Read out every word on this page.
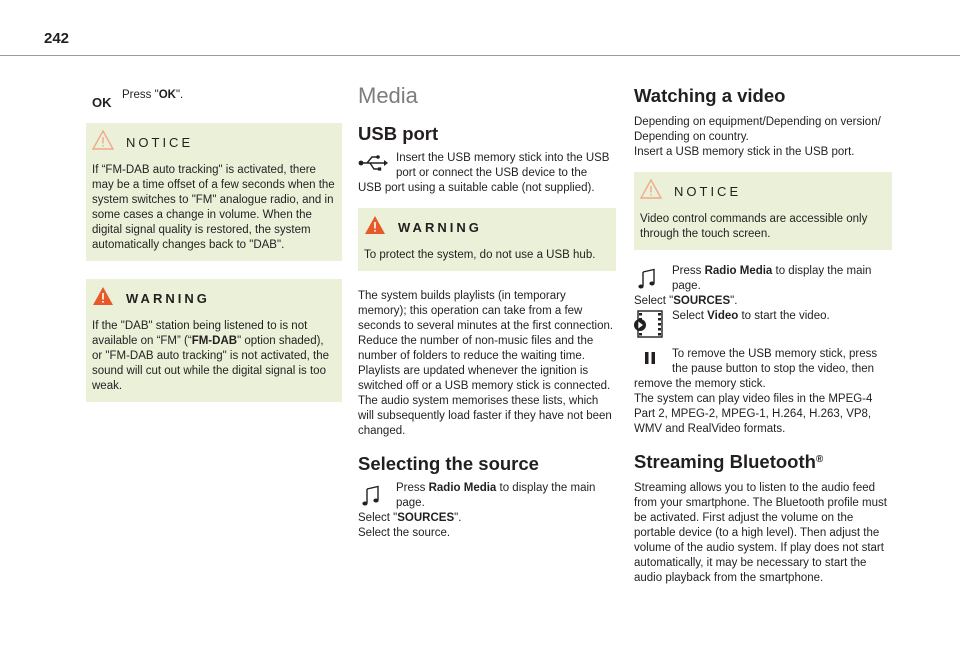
242
OK Press "OK".

NOTICE
If “FM-DAB auto tracking" is activated, there may be a time offset of a few seconds when the system switches to "FM" analogue radio, and in some cases a change in volume. When the digital signal quality is restored, the system automatically changes back to "DAB".
WARNING
If the "DAB" station being listened to is not available on “FM” (“FM-DAB" option shaded), or "FM-DAB auto tracking" is not activated, the sound will cut out while the digital signal is too weak.
Media
USB port

Insert the USB memory stick into the USB

port or connect the USB device to the

USB port using a suitable cable (not supplied).

WARNING
To protect the system, do not use a USB hub.
The system builds playlists (in temporary memory); this operation can take from a few seconds to several minutes at the first connection. Reduce the number of non-music files and the number of folders to reduce the waiting time. Playlists are updated whenever the ignition is switched off or a USB memory stick is connected. The audio system memorises these lists, which will subsequently load faster if they have not been changed.
Selecting the source

Press Radio Media to display the main

page.

Select "SOURCES".

Select the source.

Watching a video

Depending on equipment/Depending on version/ Depending on country.

Insert a USB memory stick in the USB port.

NOTICE
Video control commands are accessible only through the touch screen.

Press Radio Media to display the main

page.

Select "SOURCES".

Select Video to start the video.

To remove the USB memory stick, press

the pause button to stop the video, then

remove the memory stick.

The system can play video files in the MPEG-4 Part 2, MPEG-2, MPEG-1, H.264, H.263, VP8, WMV and RealVideo formats.

Streaming Bluetooth®
Streaming allows you to listen to the audio feed from your smartphone. The Bluetooth profile must be activated. First adjust the volume on the portable device (to a high level). Then adjust the volume of the audio system. If play does not start automatically, it may be necessary to start the audio playback from the smartphone.
